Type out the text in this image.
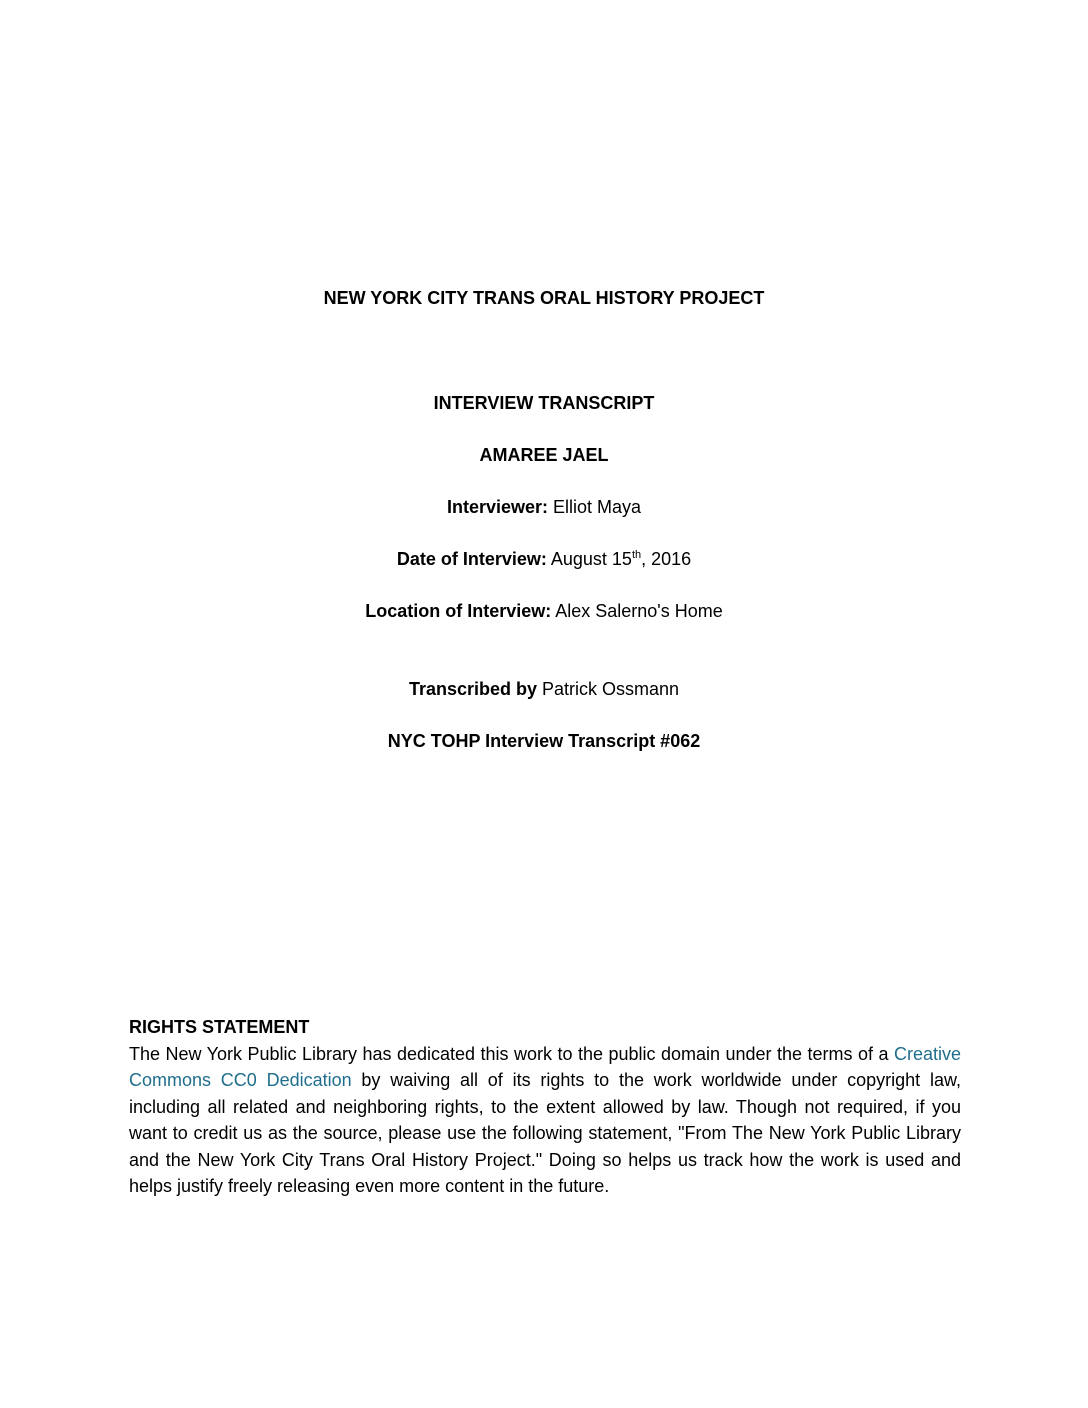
NEW YORK CITY TRANS ORAL HISTORY PROJECT
INTERVIEW TRANSCRIPT
AMAREE JAEL
Interviewer: Elliot Maya
Date of Interview: August 15th, 2016
Location of Interview: Alex Salerno's Home
Transcribed by Patrick Ossmann
NYC TOHP Interview Transcript #062

RIGHTS STATEMENT

The New York Public Library has dedicated this work to the public domain under the terms of a Creative Commons CC0 Dedication by waiving all of its rights to the work worldwide under copyright law, including all related and neighboring rights, to the extent allowed by law. Though not required, if you want to credit us as the source, please use the following statement, "From The New York Public Library and the New York City Trans Oral History Project." Doing so helps us track how the work is used and helps justify freely releasing even more content in the future.
